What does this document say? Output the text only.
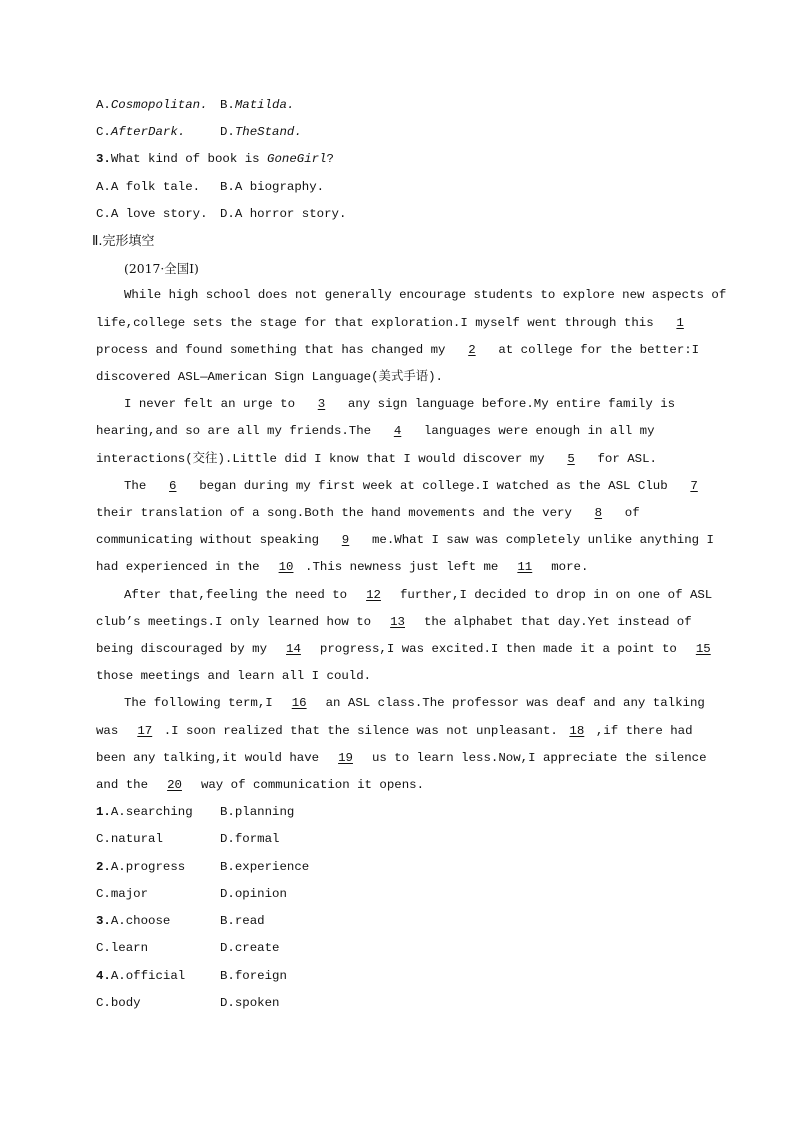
A.Cosmopolitan. B.Matilda.
C.AfterDark.	D.TheStand.
3.What kind of book is GoneGirl?
A.A folk tale. B.A biography.
C.A love story. D.A horror story.
Ⅱ.完形填空
(2017·全国Ⅰ)
While high school does not generally encourage students to explore new aspects of
life,college sets the stage for that exploration.I myself went through this 1
process and found something that has changed my 2 at college for the better:I
discovered ASL—American Sign Language(美式手语).
I never felt an urge to 3 any sign language before.My entire family is
hearing,and so are all my friends.The 4 languages were enough in all my
interactions(交往).Little did I know that I would discover my 5 for ASL.
The 6 began during my first week at college.I watched as the ASL Club 7
their translation of a song.Both the hand movements and the very 8 of
communicating without speaking 9 me.What I saw was completely unlike anything I
had experienced in the 10 .This newness just left me 11 more.
After that,feeling the need to 12 further,I decided to drop in on one of ASL
club’s meetings.I only learned how to 13 the alphabet that day.Yet instead of
being discouraged by my 14 progress,I was excited.I then made it a point to 15
those meetings and learn all I could.
The following term,I 16 an ASL class.The professor was deaf and any talking
was 17 .I soon realized that the silence was not unpleasant. 18 ,if there had
been any talking,it would have 19 us to learn less.Now,I appreciate the silence
and the 20 way of communication it opens.
1.A.searching B.planning
C.natural	D.formal
2.A.progress	B.experience
C.major	D.opinion
3.A.choose	B.read
C.learn	D.create
4.A.official	B.foreign
C.body	D.spoken
